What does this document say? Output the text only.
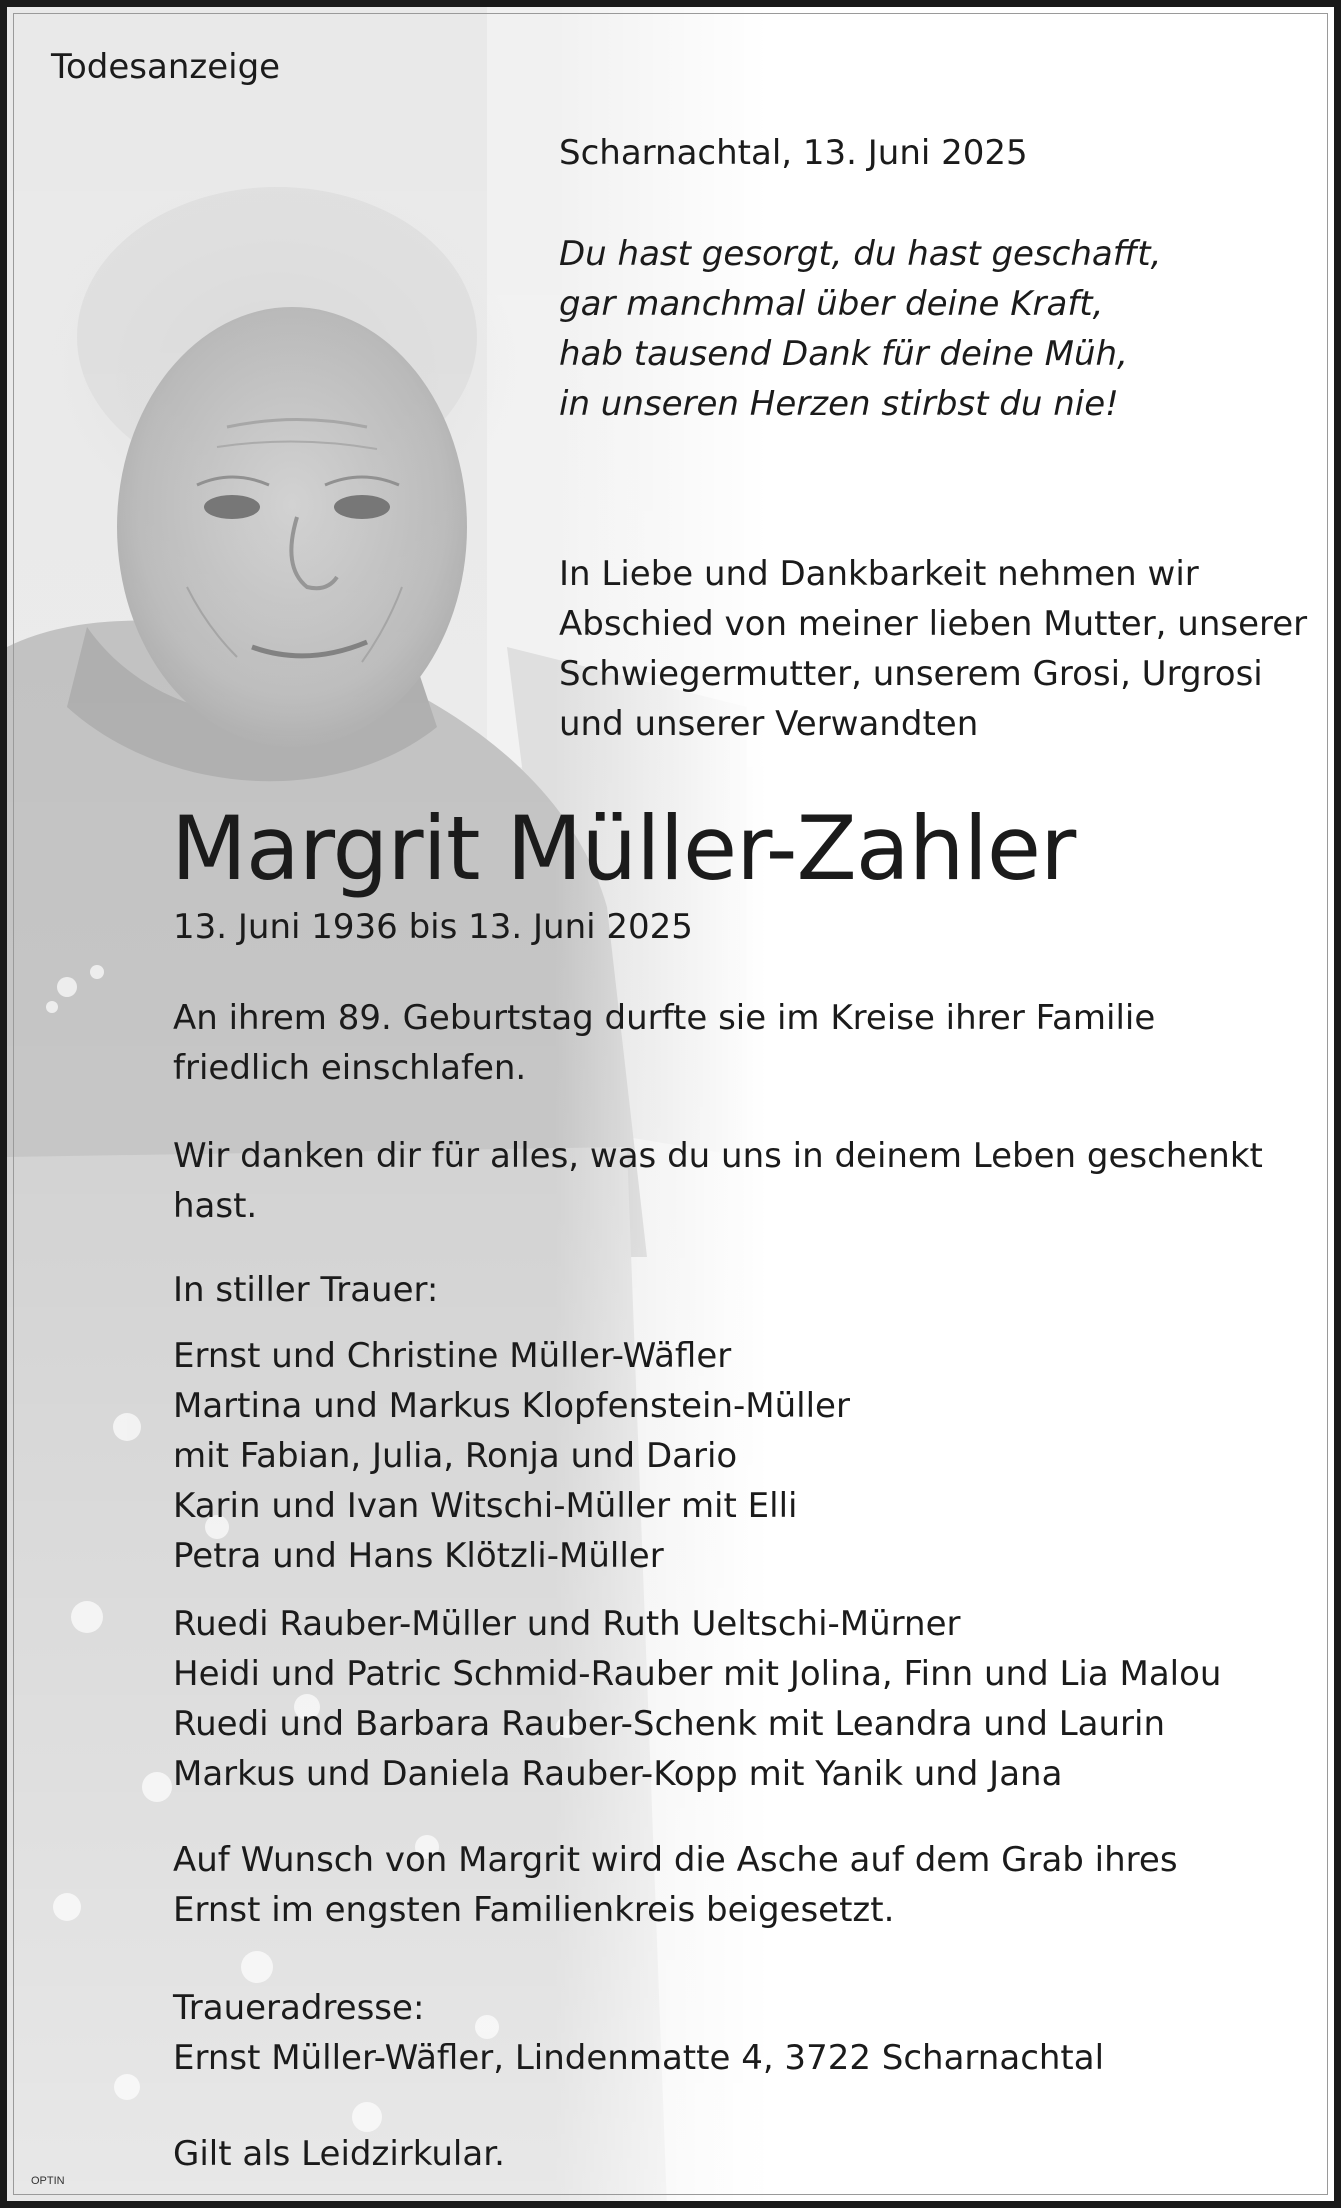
Todesanzeige
Scharnachtal, 13. Juni 2025
Du hast gesorgt, du hast geschafft,
gar manchmal über deine Kraft,
hab tausend Dank für deine Müh,
in unseren Herzen stirbst du nie!
In Liebe und Dankbarkeit nehmen wir
Abschied von meiner lieben Mutter, unserer
Schwiegermutter, unserem Grosi, Urgrosi
und unserer Verwandten
Margrit Müller-Zahler
13. Juni 1936 bis 13. Juni 2025
An ihrem 89. Geburtstag durfte sie im Kreise ihrer Familie
friedlich einschlafen.
Wir danken dir für alles, was du uns in deinem Leben geschenkt
hast.
In stiller Trauer:
Ernst und Christine Müller-Wäfler
Martina und Markus Klopfenstein-Müller
mit Fabian, Julia, Ronja und Dario
Karin und Ivan Witschi-Müller mit Elli
Petra und Hans Klötzli-Müller
Ruedi Rauber-Müller und Ruth Ueltschi-Mürner
Heidi und Patric Schmid-Rauber mit Jolina, Finn und Lia Malou
Ruedi und Barbara Rauber-Schenk mit Leandra und Laurin
Markus und Daniela Rauber-Kopp mit Yanik und Jana
Auf Wunsch von Margrit wird die Asche auf dem Grab ihres
Ernst im engsten Familienkreis beigesetzt.
Traueradresse:
Ernst Müller-Wäfler, Lindenmatte 4, 3722 Scharnachtal
Gilt als Leidzirkular.
OPTIN
